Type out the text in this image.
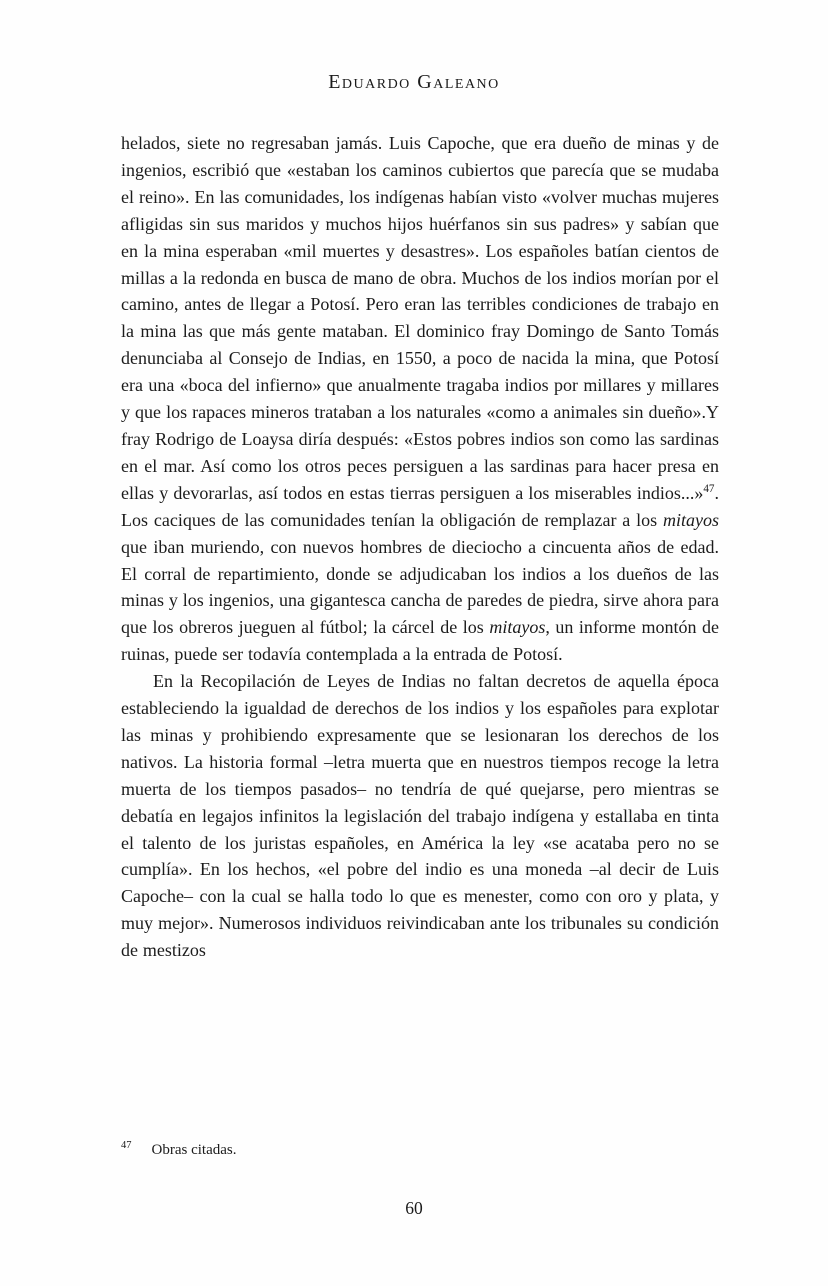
Eduardo Galeano

helados, siete no regresaban jamás. Luis Capoche, que era dueño de minas y de ingenios, escribió que «estaban los caminos cubiertos que parecía que se mudaba el reino». En las comunidades, los indígenas habían visto «volver muchas mujeres afligidas sin sus maridos y muchos hijos huérfanos sin sus padres» y sabían que en la mina esperaban «mil muertes y desastres». Los españoles batían cientos de millas a la redonda en busca de mano de obra. Muchos de los indios morían por el camino, antes de llegar a Potosí. Pero eran las terribles condiciones de trabajo en la mina las que más gente mataban. El dominico fray Domingo de Santo Tomás denunciaba al Consejo de Indias, en 1550, a poco de nacida la mina, que Potosí era una «boca del infierno» que anualmente tragaba indios por millares y millares y que los rapaces mineros trataban a los naturales «como a animales sin dueño».Y fray Rodrigo de Loaysa diría después: «Estos pobres indios son como las sardinas en el mar. Así como los otros peces persiguen a las sardinas para hacer presa en ellas y devorarlas, así todos en estas tierras persiguen a los miserables indios...»$^{47}$. Los caciques de las comunidades tenían la obligación de remplazar a los mitayos que iban muriendo, con nuevos hombres de dieciocho a cincuenta años de edad. El corral de repartimiento, donde se adjudicaban los indios a los dueños de las minas y los ingenios, una gigantesca cancha de paredes de piedra, sirve ahora para que los obreros jueguen al fútbol; la cárcel de los mitayos, un informe montón de ruinas, puede ser todavía contemplada a la entrada de Potosí.

En la Recopilación de Leyes de Indias no faltan decretos de aquella época estableciendo la igualdad de derechos de los indios y los españoles para explotar las minas y prohibiendo expresamente que se lesionaran los derechos de los nativos. La historia formal –letra muerta que en nuestros tiempos recoge la letra muerta de los tiempos pasados– no tendría de qué quejarse, pero mientras se debatía en legajos infinitos la legislación del trabajo indígena y estallaba en tinta el talento de los juristas españoles, en América la ley «se acataba pero no se cumplía». En los hechos, «el pobre del indio es una moneda –al decir de Luis Capoche– con la cual se halla todo lo que es menester, como con oro y plata, y muy mejor». Numerosos individuos reivindicaban ante los tribunales su condición de mestizos

$^{47}$ Obras citadas.
60
